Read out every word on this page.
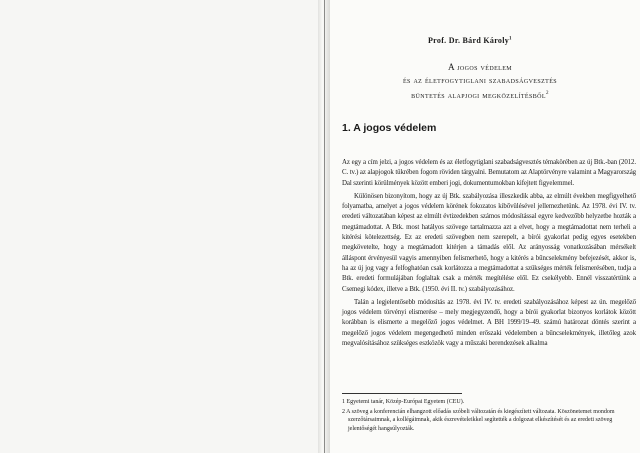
Prof. Dr. Bárd Károly$^1$
A jogos védelem
és az életfogytiglani szabadságvesztés
büntetés alapjogi megközelítésből$^2$
1. A jogos védelem

Az egy a cím jelzi, a jogos védelem és az életfogytiglani szabadságvesztés témakörében az új Btk.-ban (2012. C. tv.) az alapjogok tükrében fogom röviden tárgyalni. Bemutatom az Alaptörvényre valamint a Magyarország Dal szerinti körülmények között emberi jogi, dokumentumokban kifejtett figyelemmel.

Különösen bizonyítom, hogy az új Btk. szabályozása illeszkedik abba, az elmúlt években megfigyelhető folyamatba, amelyet a jogos védelem körének fokozatos kibővülésével jellemezhetünk. Az 1978. évi IV. tv. eredeti változatában képest az elmúlt évtizedekben számos módosítással egyre kedvezőbb helyzetbe hozták a megtámadottat. A Btk. most hatályos szövege tartalmazza azt a elvet, hogy a megtámadottat nem terheli a kitérési kötelezettség. Ez az eredeti szövegben nem szerepelt, a bírói gyakorlat pedig egyes esetekben megkövetelte, hogy a megtámadott kitérjen a támadás elől. Az arányosság vonatkozásában mérsékelt álláspont érvényesül vagyis amennyiben felismerhető, hogy a kitérés a bűncselekmény befejezését, akkor is, ha az új jog vagy a felfoghatóan csak korlátozza a megtámadottat a szükséges mérték felismerésében, tudja a Btk. eredeti formulájában foglaltak csak a mérték megítélése elől. Ez csekélyebb. Ennél visszatértünk a Csemegi kódex, illetve a Btk. (1950. évi II. tv.) szabályozásához.

Talán a legjelentősebb módosítás az 1978. évi IV. tv. eredeti szabályozásához képest az ún. megelőző jogos védelem törvényi elismerése – mely megjegyzendő, hogy a bírói gyakorlat bizonyos korlátok között korábban is elismerte a megelőző jogos védelmet. A BH 1999/19–49. számú határozat döntés szerint a megelőző jogos védelem megengedhető minden erőszaki védelemben a bűncselekmények, illetőleg azok megvalósításához szükséges eszközök vagy a műszaki berendezések alkalma

1 Egyetemi tanár, Közép-Európai Egyetem (CEU).
2 A szöveg a konferencián elhangzott előadás szóbeli változatán és kiegészített változata. Köszönetemet mondom szerzőtársaimnak, a kollégáimnak, akik észrevételeikkel segítették a dolgozat elkészítését és az eredeti szöveg jelentőségét hangsúlyozták.
